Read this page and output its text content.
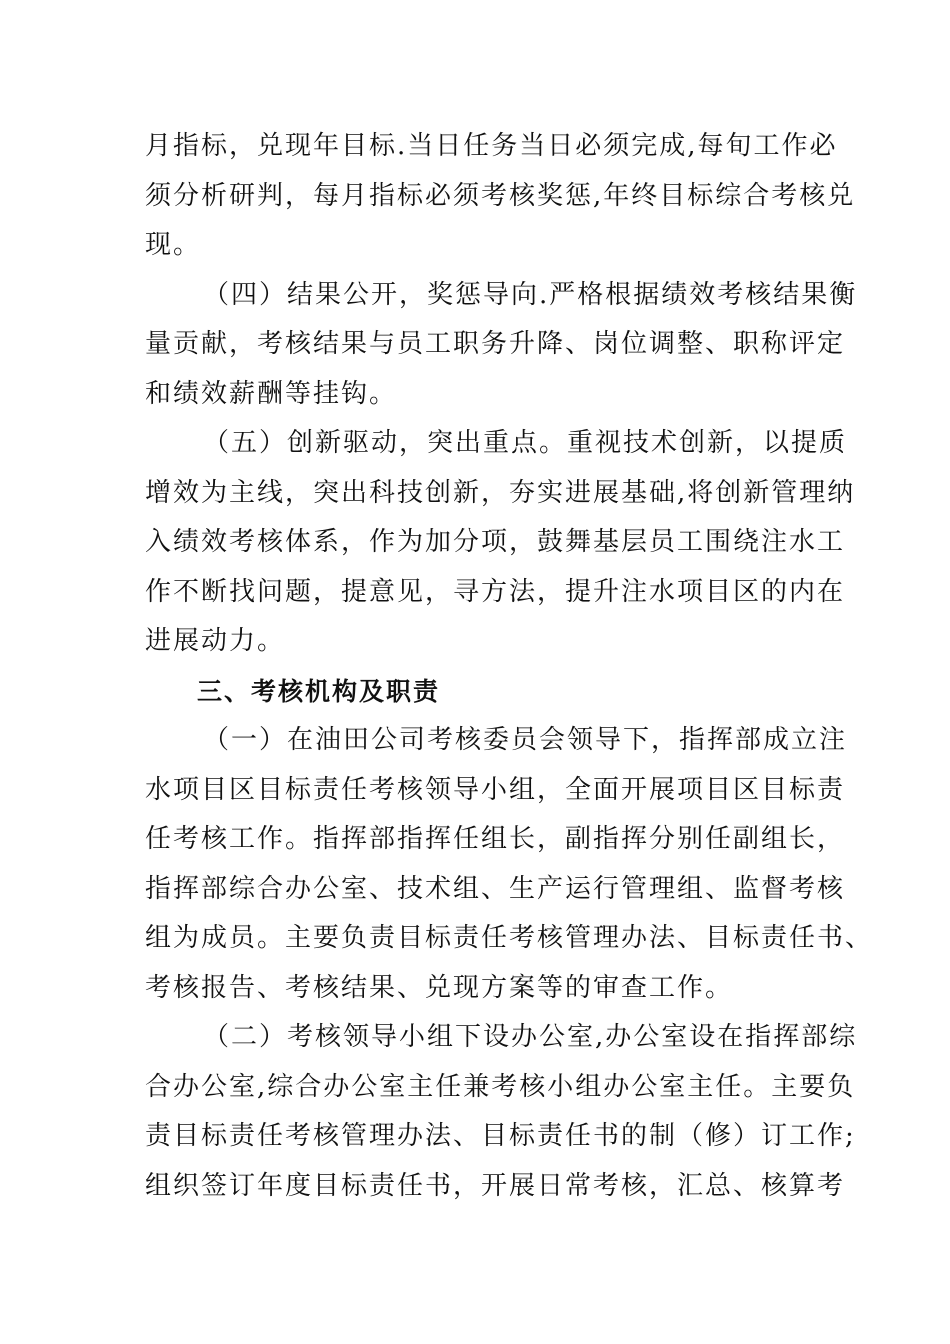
月指标，兑现年目标.当日任务当日必须完成,每旬工作必
须分析研判，每月指标必须考核奖惩,年终目标综合考核兑
现。
（四）结果公开，奖惩导向.严格根据绩效考核结果衡
量贡献，考核结果与员工职务升降、岗位调整、职称评定
和绩效薪酬等挂钩。
（五）创新驱动，突出重点。重视技术创新，以提质
增效为主线，突出科技创新，夯实进展基础,将创新管理纳
入绩效考核体系，作为加分项，鼓舞基层员工围绕注水工
作不断找问题，提意见，寻方法，提升注水项目区的内在
进展动力。
三、考核机构及职责
（一）在油田公司考核委员会领导下，指挥部成立注
水项目区目标责任考核领导小组，全面开展项目区目标责
任考核工作。指挥部指挥任组长，副指挥分别任副组长，
指挥部综合办公室、技术组、生产运行管理组、监督考核
组为成员。主要负责目标责任考核管理办法、目标责任书、
考核报告、考核结果、兑现方案等的审查工作。
（二）考核领导小组下设办公室,办公室设在指挥部综
合办公室,综合办公室主任兼考核小组办公室主任。主要负
责目标责任考核管理办法、目标责任书的制（修）订工作;
组织签订年度目标责任书，开展日常考核，汇总、核算考
